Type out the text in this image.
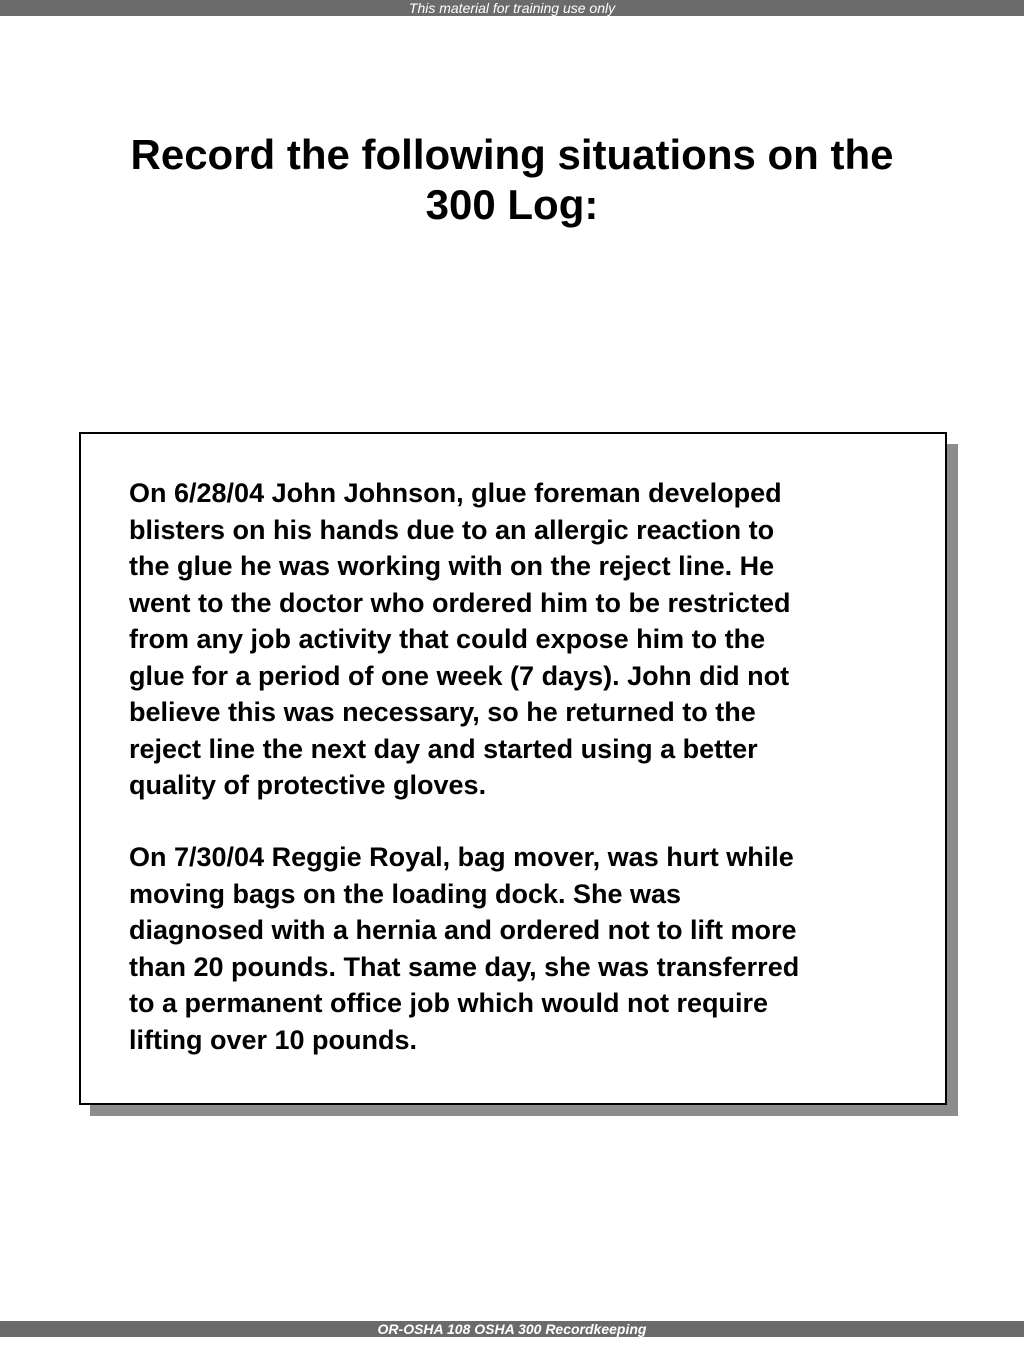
This material for training use only
Record the following situations on the
300 Log:

On 6/28/04 John Johnson, glue foreman developed
blisters on his hands due to an allergic reaction to
the glue he was working with on the reject line. He
went to the doctor who ordered him to be restricted
from any job activity that could expose him to the
glue for a period of one week (7 days). John did not
believe this was necessary, so he returned to the
reject line the next day and started using a better
quality of protective gloves.

On 7/30/04 Reggie Royal, bag mover, was hurt while
moving bags on the loading dock. She was
diagnosed with a hernia and ordered not to lift more
than 20 pounds. That same day, she was transferred
to a permanent office job which would not require
lifting over 10 pounds.

OR-OSHA 108 OSHA 300 Recordkeeping
